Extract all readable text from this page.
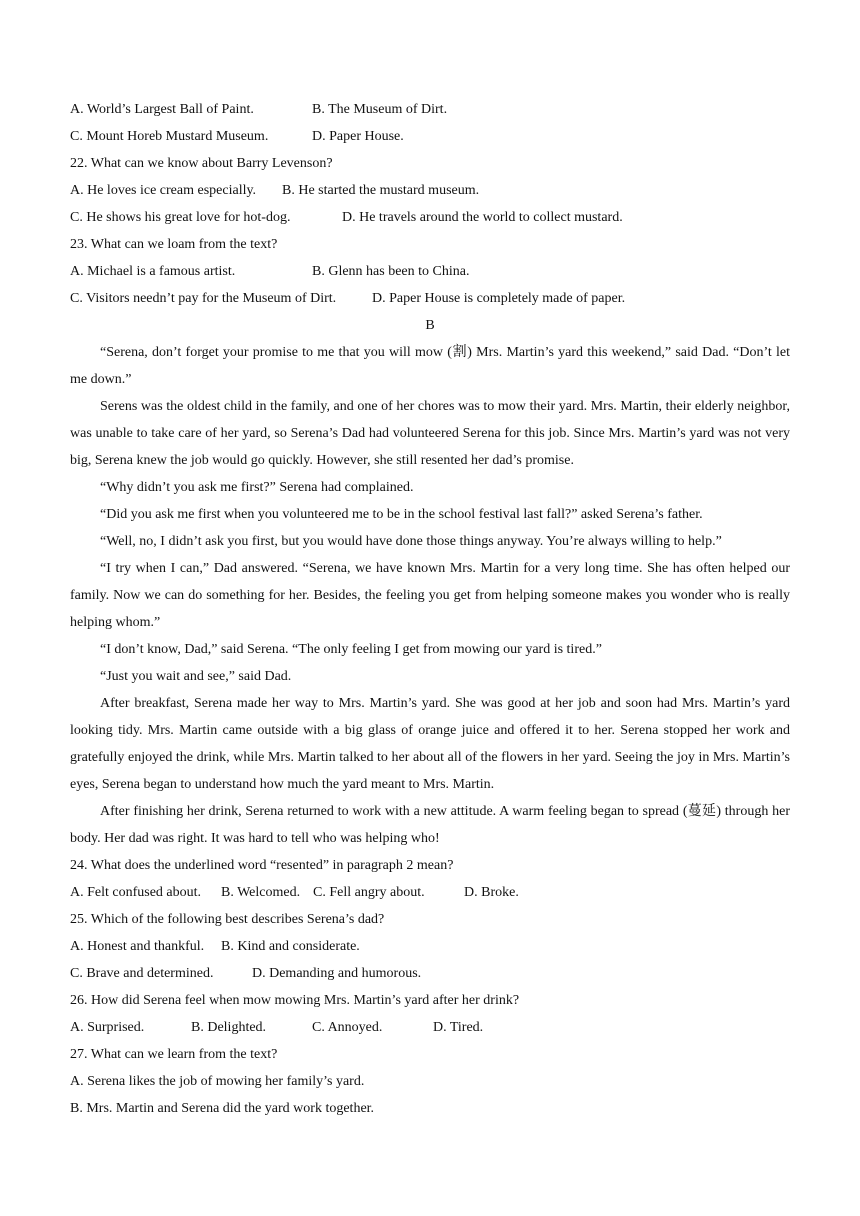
A. World’s Largest Ball of Paint.	B. The Museum of Dirt.
C. Mount Horeb Mustard Museum.	D. Paper House.
22. What can we know about Barry Levenson?
A. He loves ice cream especially.	B. He started the mustard museum.
C. He shows his great love for hot-dog.	D. He travels around the world to collect mustard.
23. What can we loam from the text?
A. Michael is a famous artist.	B. Glenn has been to China.
C. Visitors needn’t pay for the Museum of Dirt.	D. Paper House is completely made of paper.
B
“Serena, don’t forget your promise to me that you will mow (割) Mrs. Martin’s yard this weekend,” said Dad. “Don’t let me down.”
Serens was the oldest child in the family, and one of her chores was to mow their yard. Mrs. Martin, their elderly neighbor, was unable to take care of her yard, so Serena’s Dad had volunteered Serena for this job. Since Mrs. Martin’s yard was not very big, Serena knew the job would go quickly. However, she still resented her dad’s promise.
“Why didn’t you ask me first?” Serena had complained.
“Did you ask me first when you volunteered me to be in the school festival last fall?” asked Serena’s father.
“Well, no, I didn’t ask you first, but you would have done those things anyway. You’re always willing to help.”
“I try when I can,” Dad answered. “Serena, we have known Mrs. Martin for a very long time. She has often helped our family. Now we can do something for her. Besides, the feeling you get from helping someone makes you wonder who is really helping whom.”
“I don’t know, Dad,” said Serena. “The only feeling I get from mowing our yard is tired.”
“Just you wait and see,” said Dad.
After breakfast, Serena made her way to Mrs. Martin’s yard. She was good at her job and soon had Mrs. Martin’s yard looking tidy. Mrs. Martin came outside with a big glass of orange juice and offered it to her. Serena stopped her work and gratefully enjoyed the drink, while Mrs. Martin talked to her about all of the flowers in her yard. Seeing the joy in Mrs. Martin’s eyes, Serena began to understand how much the yard meant to Mrs. Martin.
After finishing her drink, Serena returned to work with a new attitude. A warm feeling began to spread (蔓延) through her body. Her dad was right. It was hard to tell who was helping who!
24. What does the underlined word “resented” in paragraph 2 mean?
A. Felt confused about.	B. Welcomed. C. Fell angry about.	D. Broke.
25. Which of the following best describes Serena’s dad?
A. Honest and thankful.	B. Kind and considerate.
C. Brave and determined.	D. Demanding and humorous.
26. How did Serena feel when mow mowing Mrs. Martin’s yard after her drink?
A. Surprised.	B. Delighted.	C. Annoyed.	D. Tired.
27. What can we learn from the text?
A. Serena likes the job of mowing her family’s yard.
B. Mrs. Martin and Serena did the yard work together.
